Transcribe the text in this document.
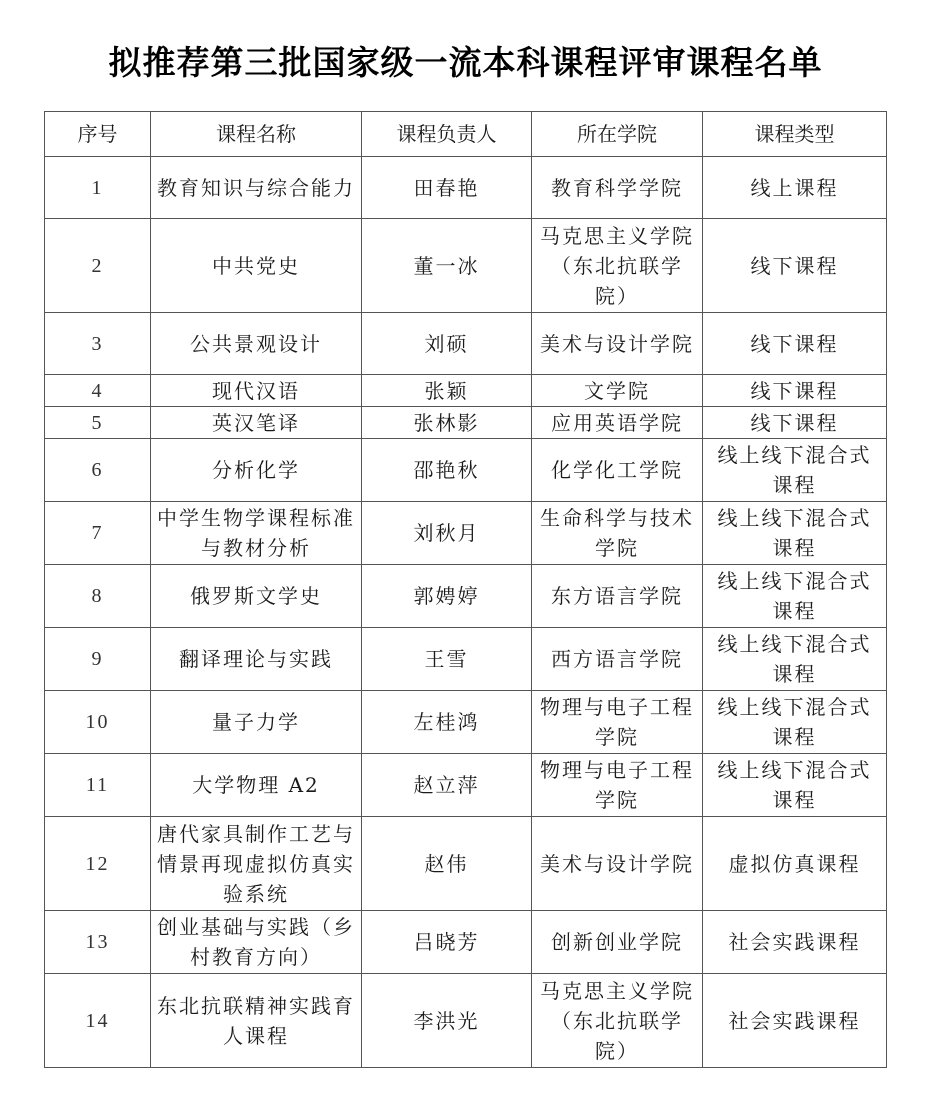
拟推荐第三批国家级一流本科课程评审课程名单
序号	课程名称	课程负责人	所在学院	课程类型
1	教育知识与综合能力	田春艳	教育科学学院	线上课程
2	中共党史	董一冰	马克思主义学院（东北抗联学院）	线下课程
3	公共景观设计	刘硕	美术与设计学院	线下课程
4	现代汉语	张颖	文学院	线下课程
5	英汉笔译	张林影	应用英语学院	线下课程
6	分析化学	邵艳秋	化学化工学院	线上线下混合式课程
7	中学生物学课程标准与教材分析	刘秋月	生命科学与技术学院	线上线下混合式课程
8	俄罗斯文学史	郭娉婷	东方语言学院	线上线下混合式课程
9	翻译理论与实践	王雪	西方语言学院	线上线下混合式课程
10	量子力学	左桂鸿	物理与电子工程学院	线上线下混合式课程
11	大学物理 A2	赵立萍	物理与电子工程学院	线上线下混合式课程
12	唐代家具制作工艺与情景再现虚拟仿真实验系统	赵伟	美术与设计学院	虚拟仿真课程
13	创业基础与实践（乡村教育方向）	吕晓芳	创新创业学院	社会实践课程
14	东北抗联精神实践育人课程	李洪光	马克思主义学院（东北抗联学院）	社会实践课程
